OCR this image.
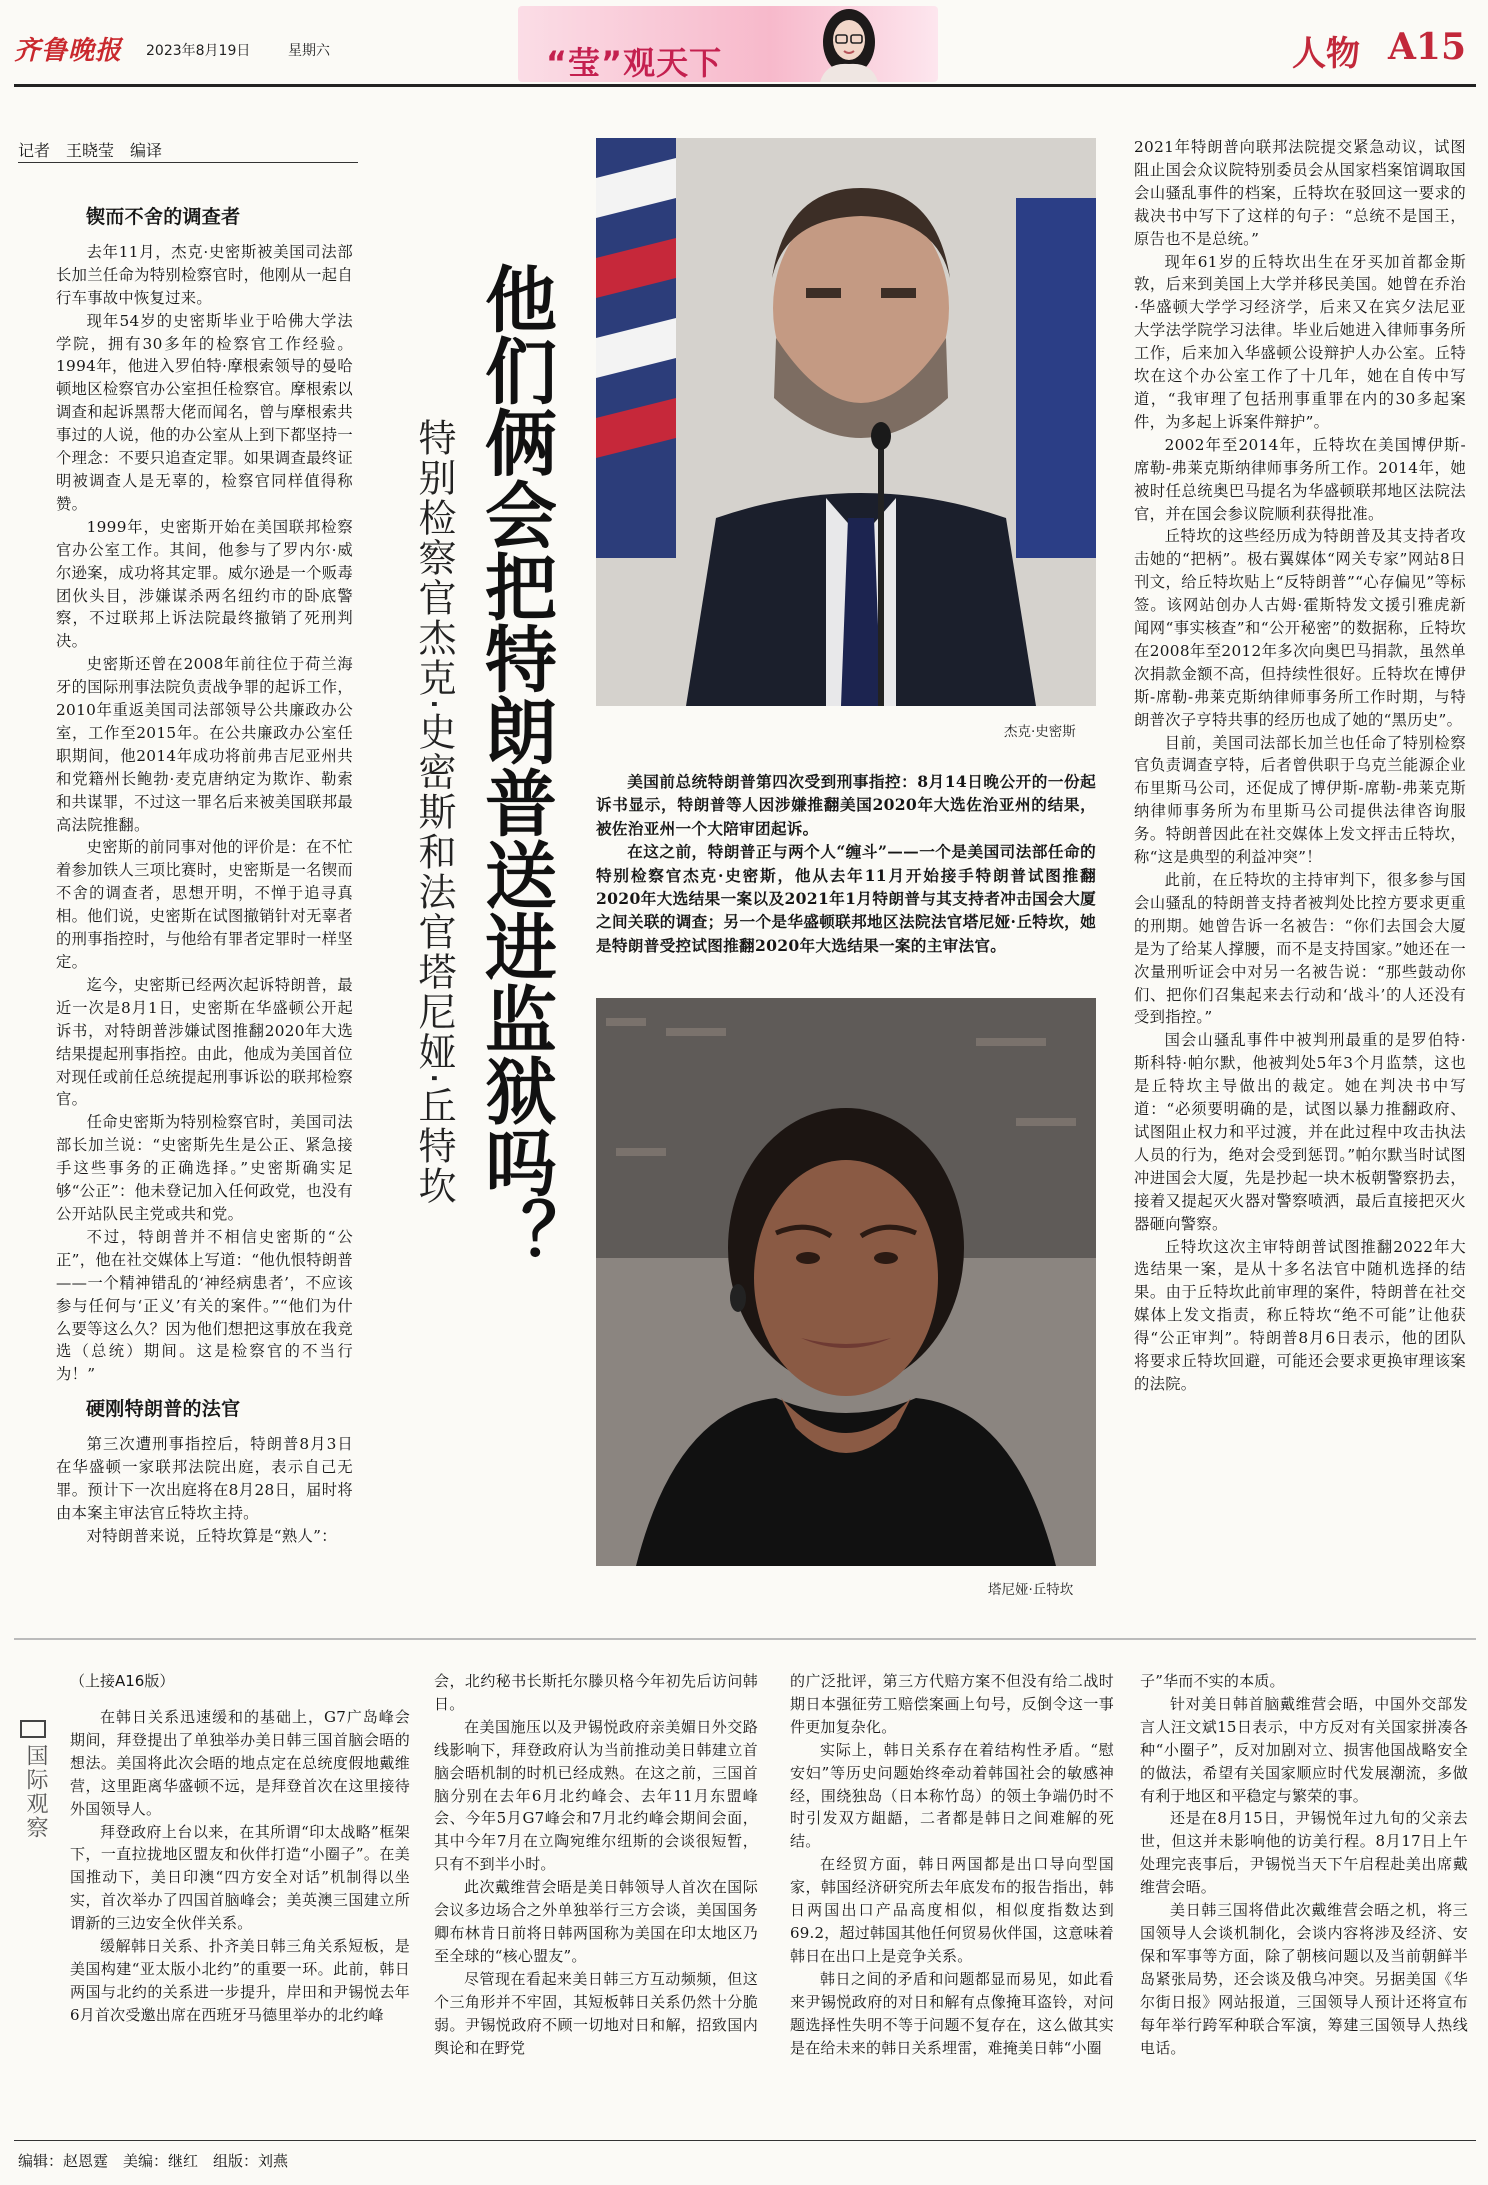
齐鲁晚报 2023年8月19日	星期六	“莹”观天下	人物 A15
记者　王晓莹　编译
锲而不舍的调查者

去年11月，杰克·史密斯被美国司法部长加兰任命为特别检察官时，他刚从一起自行车事故中恢复过来。

现年54岁的史密斯毕业于哈佛大学法学院，拥有30多年的检察官工作经验。1994年，他进入罗伯特·摩根索领导的曼哈顿地区检察官办公室担任检察官。摩根索以调查和起诉黑帮大佬而闻名，曾与摩根索共事过的人说，他的办公室从上到下都坚持一个理念：不要只追查定罪。如果调查最终证明被调查人是无辜的，检察官同样值得称赞。

1999年，史密斯开始在美国联邦检察官办公室工作。其间，他参与了罗内尔·威尔逊案，成功将其定罪。威尔逊是一个贩毒团伙头目，涉嫌谋杀两名纽约市的卧底警察，不过联邦上诉法院最终撤销了死刑判决。

史密斯还曾在2008年前往位于荷兰海牙的国际刑事法院负责战争罪的起诉工作，2010年重返美国司法部领导公共廉政办公室，工作至2015年。在公共廉政办公室任职期间，他2014年成功将前弗吉尼亚州共和党籍州长鲍勃·麦克唐纳定为欺诈、勒索和共谋罪，不过这一罪名后来被美国联邦最高法院推翻。

史密斯的前同事对他的评价是：在不忙着参加铁人三项比赛时，史密斯是一名锲而不舍的调查者，思想开明，不惮于追寻真相。他们说，史密斯在试图撤销针对无辜者的刑事指控时，与他给有罪者定罪时一样坚定。

迄今，史密斯已经两次起诉特朗普，最近一次是8月1日，史密斯在华盛顿公开起诉书，对特朗普涉嫌试图推翻2020年大选结果提起刑事指控。由此，他成为美国首位对现任或前任总统提起刑事诉讼的联邦检察官。

任命史密斯为特别检察官时，美国司法部长加兰说：“史密斯先生是公正、紧急接手这些事务的正确选择。”史密斯确实足够“公正”：他未登记加入任何政党，也没有公开站队民主党或共和党。

不过，特朗普并不相信史密斯的“公正”，他在社交媒体上写道：“他仇恨特朗普——一个精神错乱的‘神经病患者’，不应该参与任何与‘正义’有关的案件。”“他们为什么要等这么久？因为他们想把这事放在我竞选（总统）期间。这是检察官的不当行为！”

硬刚特朗普的法官

第三次遭刑事指控后，特朗普8月3日在华盛顿一家联邦法院出庭，表示自己无罪。预计下一次出庭将在8月28日，届时将由本案主审法官丘特坎主持。

对特朗普来说，丘特坎算是“熟人”：

他们俩会把特朗普送进监狱吗？
特别检察官杰克·史密斯和法官塔尼娅·丘特坎	杰克·史密斯

美国前总统特朗普第四次受到刑事指控：8月14日晚公开的一份起诉书显示，特朗普等人因涉嫌推翻美国2020年大选佐治亚州的结果，被佐治亚州一个大陪审团起诉。

在这之前，特朗普正与两个人“缠斗”——一个是美国司法部任命的特别检察官杰克·史密斯，他从去年11月开始接手特朗普试图推翻2020年大选结果一案以及2021年1月特朗普与其支持者冲击国会大厦之间关联的调查；另一个是华盛顿联邦地区法院法官塔尼娅·丘特坎，她是特朗普受控试图推翻2020年大选结果一案的主审法官。

塔尼娅·丘特坎

2021年特朗普向联邦法院提交紧急动议，试图阻止国会众议院特别委员会从国家档案馆调取国会山骚乱事件的档案，丘特坎在驳回这一要求的裁决书中写下了这样的句子：“总统不是国王，原告也不是总统。”

现年61岁的丘特坎出生在牙买加首都金斯敦，后来到美国上大学并移民美国。她曾在乔治·华盛顿大学学习经济学，后来又在宾夕法尼亚大学法学院学习法律。毕业后她进入律师事务所工作，后来加入华盛顿公设辩护人办公室。丘特坎在这个办公室工作了十几年，她在自传中写道，“我审理了包括刑事重罪在内的30多起案件，为多起上诉案件辩护”。

2002年至2014年，丘特坎在美国博伊斯-席勒-弗莱克斯纳律师事务所工作。2014年，她被时任总统奥巴马提名为华盛顿联邦地区法院法官，并在国会参议院顺利获得批准。

丘特坎的这些经历成为特朗普及其支持者攻击她的“把柄”。极右翼媒体“网关专家”网站8日刊文，给丘特坎贴上“反特朗普”“心存偏见”等标签。该网站创办人古姆·霍斯特发文援引雅虎新闻网“事实核查”和“公开秘密”的数据称，丘特坎在2008年至2012年多次向奥巴马捐款，虽然单次捐款金额不高，但持续性很好。丘特坎在博伊斯-席勒-弗莱克斯纳律师事务所工作时期，与特朗普次子亨特共事的经历也成了她的“黑历史”。

目前，美国司法部长加兰也任命了特别检察官负责调查亨特，后者曾供职于乌克兰能源企业布里斯马公司，还促成了博伊斯-席勒-弗莱克斯纳律师事务所为布里斯马公司提供法律咨询服务。特朗普因此在社交媒体上发文抨击丘特坎，称“这是典型的利益冲突”！

此前，在丘特坎的主持审判下，很多参与国会山骚乱的特朗普支持者被判处比控方要求更重的刑期。她曾告诉一名被告：“你们去国会大厦是为了给某人撑腰，而不是支持国家。”她还在一次量刑听证会中对另一名被告说：“那些鼓动你们、把你们召集起来去行动和‘战斗’的人还没有受到指控。”

国会山骚乱事件中被判刑最重的是罗伯特·斯科特·帕尔默，他被判处5年3个月监禁，这也是丘特坎主导做出的裁定。她在判决书中写道：“必须要明确的是，试图以暴力推翻政府、试图阻止权力和平过渡，并在此过程中攻击执法人员的行为，绝对会受到惩罚。”帕尔默当时试图冲进国会大厦，先是抄起一块木板朝警察扔去，接着又提起灭火器对警察喷洒，最后直接把灭火器砸向警察。

丘特坎这次主审特朗普试图推翻2022年大选结果一案，是从十多名法官中随机选择的结果。由于丘特坎此前审理的案件，特朗普在社交媒体上发文指责，称丘特坎“绝不可能”让他获得“公正审判”。特朗普8月6日表示，他的团队将要求丘特坎回避，可能还会要求更换审理该案的法院。

（上接A16版）
国际观察

在韩日关系迅速缓和的基础上，G7广岛峰会期间，拜登提出了单独举办美日韩三国首脑会晤的想法。美国将此次会晤的地点定在总统度假地戴维营，这里距离华盛顿不远，是拜登首次在这里接待外国领导人。

拜登政府上台以来，在其所谓“印太战略”框架下，一直拉拢地区盟友和伙伴打造“小圈子”。在美国推动下，美日印澳“四方安全对话”机制得以坐实，首次举办了四国首脑峰会；美英澳三国建立所谓新的三边安全伙伴关系。

缓解韩日关系、扑齐美日韩三角关系短板，是美国构建“亚太版小北约”的重要一环。此前，韩日两国与北约的关系进一步提升，岸田和尹锡悦去年6月首次受邀出席在西班牙马德里举办的北约峰

会，北约秘书长斯托尔滕贝格今年初先后访问韩日。

在美国施压以及尹锡悦政府亲美媚日外交路线影响下，拜登政府认为当前推动美日韩建立首脑会晤机制的时机已经成熟。在这之前，三国首脑分别在去年6月北约峰会、去年11月东盟峰会、今年5月G7峰会和7月北约峰会期间会面，其中今年7月在立陶宛维尔纽斯的会谈很短暂，只有不到半小时。

此次戴维营会晤是美日韩领导人首次在国际会议多边场合之外单独举行三方会谈，美国国务卿布林肯日前将日韩两国称为美国在印太地区乃至全球的“核心盟友”。

尽管现在看起来美日韩三方互动频频，但这个三角形并不牢固，其短板韩日关系仍然十分脆弱。尹锡悦政府不顾一切地对日和解，招致国内舆论和在野党

的广泛批评，第三方代赔方案不但没有给二战时期日本强征劳工赔偿案画上句号，反倒令这一事件更加复杂化。

实际上，韩日关系存在着结构性矛盾。“慰安妇”等历史问题始终牵动着韩国社会的敏感神经，围绕独岛（日本称竹岛）的领土争端仍时不时引发双方龃龉，二者都是韩日之间难解的死结。

在经贸方面，韩日两国都是出口导向型国家，韩国经济研究所去年底发布的报告指出，韩日两国出口产品高度相似，相似度指数达到69.2，超过韩国其他任何贸易伙伴国，这意味着韩日在出口上是竞争关系。

韩日之间的矛盾和问题都显而易见，如此看来尹锡悦政府的对日和解有点像掩耳盗铃，对问题选择性失明不等于问题不复存在，这么做其实是在给未来的韩日关系埋雷，难掩美日韩“小圈

子”华而不实的本质。

针对美日韩首脑戴维营会晤，中国外交部发言人汪文斌15日表示，中方反对有关国家拼凑各种“小圈子”，反对加剧对立、损害他国战略安全的做法，希望有关国家顺应时代发展潮流，多做有利于地区和平稳定与繁荣的事。

还是在8月15日，尹锡悦年过九旬的父亲去世，但这并未影响他的访美行程。8月17日上午处理完丧事后，尹锡悦当天下午启程赴美出席戴维营会晤。

美日韩三国将借此次戴维营会晤之机，将三国领导人会谈机制化，会谈内容将涉及经济、安保和军事等方面，除了朝核问题以及当前朝鲜半岛紧张局势，还会谈及俄乌冲突。另据美国《华尔街日报》网站报道，三国领导人预计还将宣布每年举行跨军种联合军演，筹建三国领导人热线电话。

编辑：赵恩霆　美编：继红　组版：刘燕
